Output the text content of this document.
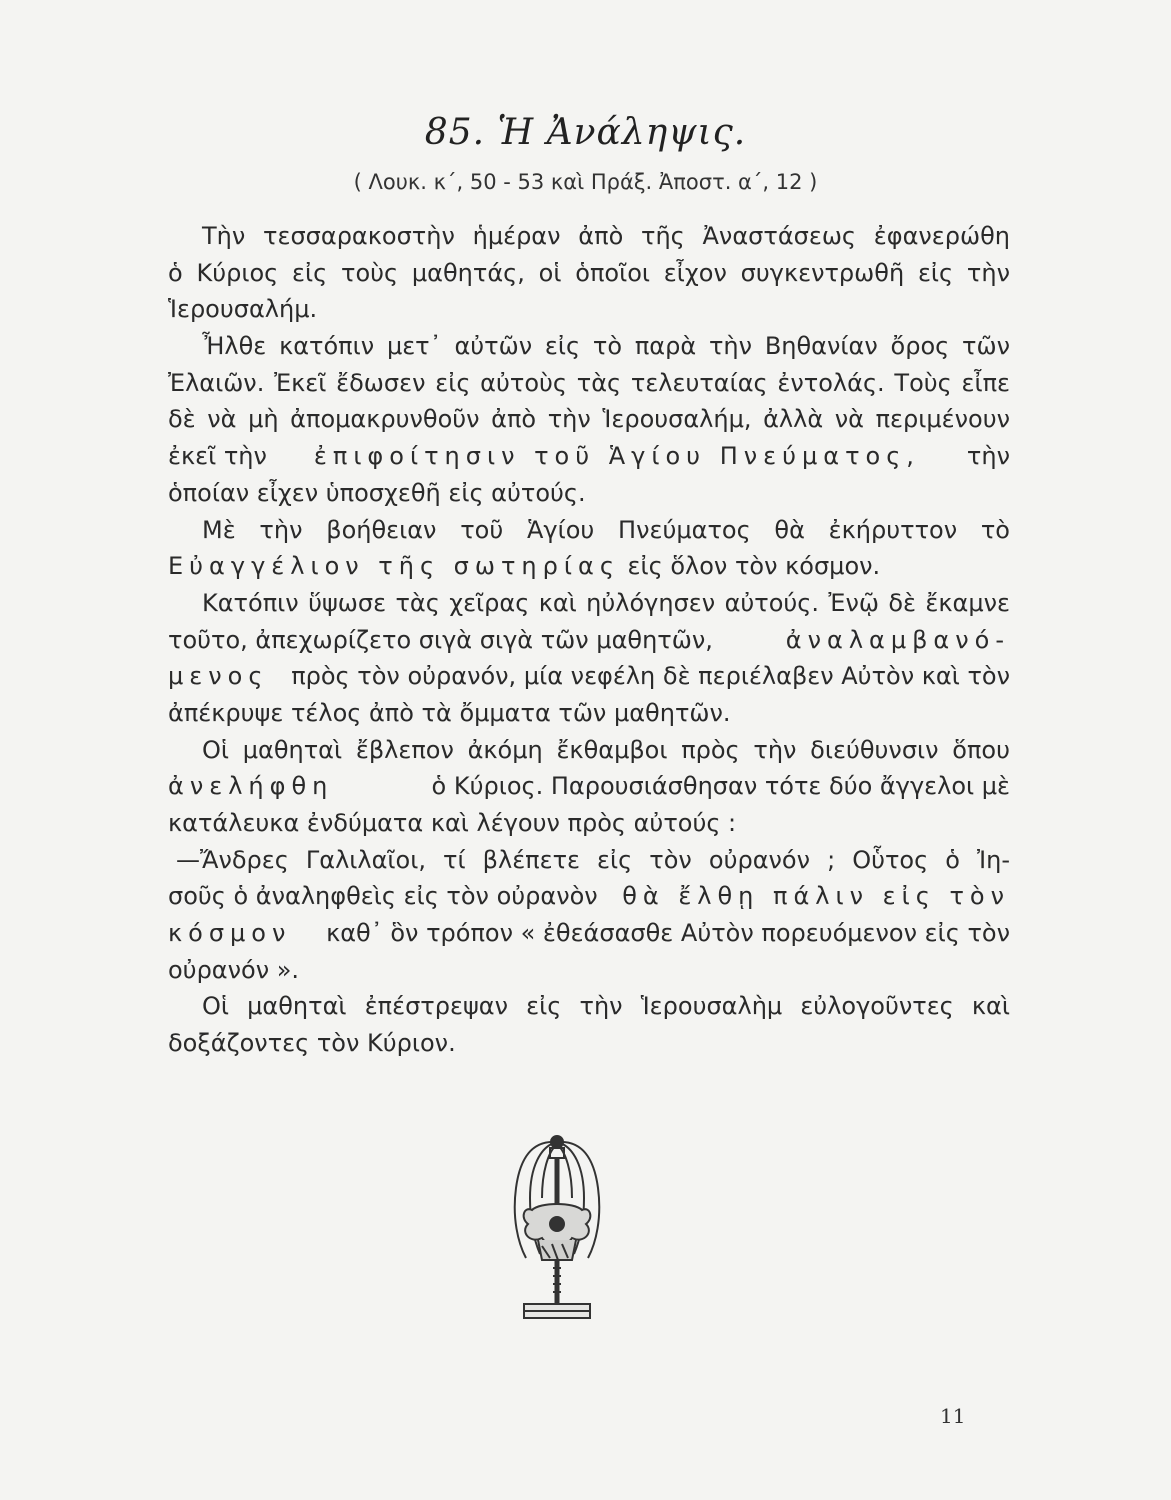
85. Ἡ Ἀνάληψις.
( Λουκ. κ΄, 50 - 53 καὶ Πράξ. Ἀποστ. α΄, 12 )
Τὴν τεσσαρακοστὴν ἡμέραν ἀπὸ τῆς Ἀναστάσεως ἐφανερώθη
ὁ Κύριος εἰς τοὺς μαθητάς, οἱ ὁποῖοι εἶχον συγκεντρωθῆ εἰς τὴν
Ἱερουσαλήμ.
Ἦλθε κατόπιν μετ᾿ αὐτῶν εἰς τὸ παρὰ τὴν Βηθανίαν ὄρος τῶν
Ἐλαιῶν. Ἐκεῖ ἔδωσεν εἰς αὐτοὺς τὰς τελευταίας ἐντολάς. Τοὺς εἶπε
δὲ νὰ μὴ ἀπομακρυνθοῦν ἀπὸ τὴν Ἱερουσαλήμ, ἀλλὰ νὰ περιμένουν
ἐκεῖ τὴν ἐπιφοίτησιν τοῦ Ἁγίου Πνεύματος, τὴν
ὁποίαν εἶχεν ὑποσχεθῆ εἰς αὐτούς.
Μὲ τὴν βοήθειαν τοῦ Ἁγίου Πνεύματος θὰ ἐκήρυττον τὸ
Εὐαγγέλιον τῆς σωτηρίας εἰς ὅλον τὸν κόσμον.
Κατόπιν ὕψωσε τὰς χεῖρας καὶ ηὐλόγησεν αὐτούς. Ἐνῷ δὲ ἔκαμνε
τοῦτο, ἀπεχωρίζετο σιγὰ σιγὰ τῶν μαθητῶν,	ἀναλαμβανό-
μενος πρὸς τὸν οὐρανόν, μία νεφέλη δὲ περιέλαβεν Αὐτὸν καὶ τὸν
ἀπέκρυψε τέλος ἀπὸ τὰ ὄμματα τῶν μαθητῶν.
Οἱ μαθηταὶ ἔβλεπον ἀκόμη ἔκθαμβοι πρὸς τὴν διεύθυνσιν ὅπου
ἀνελήφθη	ὁ Κύριος. Παρουσιάσθησαν τότε δύο ἄγγελοι μὲ
κατάλευκα ἐνδύματα καὶ λέγουν πρὸς αὐτούς :
—Ἄνδρες Γαλιλαῖοι, τί βλέπετε εἰς τὸν οὐρανόν ; Οὗτος ὁ Ἰη-
σοῦς ὁ ἀναληφθεὶς εἰς τὸν οὐρανὸν θὰ ἔλθῃ πάλιν εἰς τὸν
κόσμον καθ᾿ ὃν τρόπον « ἐθεάσασθε Αὐτὸν πορευόμενον εἰς τὸν
οὐρανόν ».
Οἱ μαθηταὶ ἐπέστρεψαν εἰς τὴν Ἱερουσαλὴμ εὐλογοῦντες καὶ
δοξάζοντες τὸν Κύριον.
11
